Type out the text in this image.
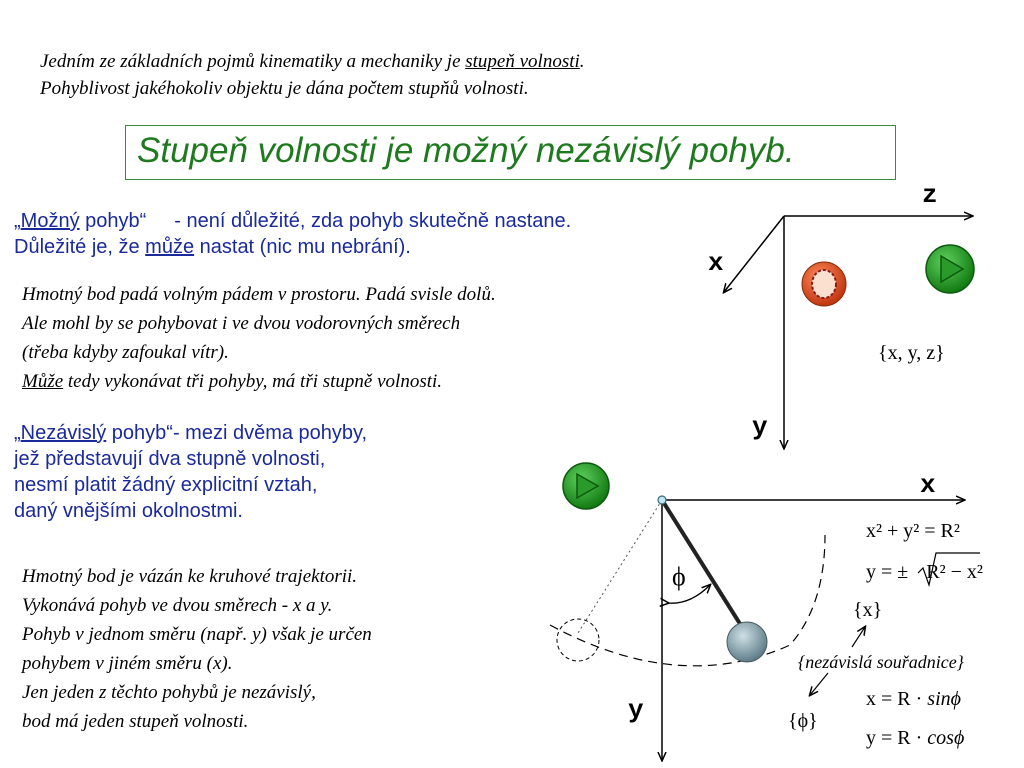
Jedním ze základních pojmů kinematiky a mechaniky je stupeň volnosti.
Pohyblivost jakéhokoliv objektu je dána počtem stupňů volnosti.
Stupeň volnosti je možný nezávislý pohyb.
„Možný pohyb“ - není důležité, zda pohyb skutečně nastane.
Důležité je, že může nastat (nic mu nebrání).
Hmotný bod padá volným pádem v prostoru. Padá svisle dolů.
Ale mohl by se pohybovat i ve dvou vodorovných směrech
(třeba kdyby zafoukal vítr).
Může tedy vykonávat tři pohyby, má tři stupně volnosti.
„Nezávislý pohyb“- mezi dvěma pohyby,
jež představují dva stupně volnosti,
nesmí platit žádný explicitní vztah,
daný vnějšími okolnostmi.
Hmotný bod je vázán ke kruhové trajektorii.
Vykonává pohyb ve dvou směrech - x a y.
Pohyb v jednom směru (např. y) však je určen
pohybem v jiném směru (x).
Jen jeden z těchto pohybů je nezávislý,
bod má jeden stupeň volnosti.
z
x
y
{x, y, z}
x
y
ϕ
x² + y² = R²
y = ± R² − x²
{x}
{nezávislá souřadnice}
{ϕ}
x = R · sinϕ
y = R · cosϕ
